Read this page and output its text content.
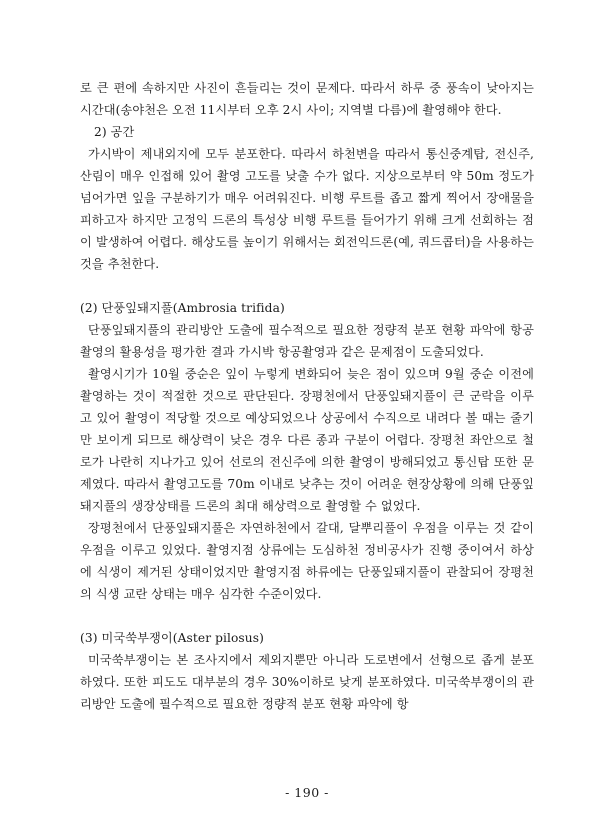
로 큰 편에 속하지만 사진이 흔들리는 것이 문제다. 따라서 하루 중 풍속이 낮아지는 시간대(송야천은 오전 11시부터 오후 2시 사이; 지역별 다름)에 촬영해야 한다.

2) 공간

가시박이 제내외지에 모두 분포한다. 따라서 하천변을 따라서 통신중계탑, 전신주, 산림이 매우 인접해 있어 촬영 고도를 낮출 수가 없다. 지상으로부터 약 50m 정도가 넘어가면 잎을 구분하기가 매우 어려워진다. 비행 루트를 좁고 짧게 찍어서 장애물을 피하고자 하지만 고정익 드론의 특성상 비행 루트를 들어가기 위해 크게 선회하는 점이 발생하여 어렵다. 해상도를 높이기 위해서는 회전익드론(예, 쿼드콥터)을 사용하는 것을 추천한다.

(2) 단풍잎돼지풀(Ambrosia trifida)

단풍잎돼지풀의 관리방안 도출에 필수적으로 필요한 정량적 분포 현황 파악에 항공촬영의 활용성을 평가한 결과 가시박 항공촬영과 같은 문제점이 도출되었다.

촬영시기가 10월 중순은 잎이 누렇게 변화되어 늦은 점이 있으며 9월 중순 이전에 촬영하는 것이 적절한 것으로 판단된다. 장평천에서 단풍잎돼지풀이 큰 군락을 이루고 있어 촬영이 적당할 것으로 예상되었으나 상공에서 수직으로 내려다 볼 때는 줄기만 보이게 되므로 해상력이 낮은 경우 다른 종과 구분이 어렵다. 장평천 좌안으로 철로가 나란히 지나가고 있어 선로의 전신주에 의한 촬영이 방해되었고 통신탑 또한 문제였다. 따라서 촬영고도를 70m 이내로 낮추는 것이 어려운 현장상황에 의해 단풍잎돼지풀의 생장상태를 드론의 최대 해상력으로 촬영할 수 없었다.

장평천에서 단풍잎돼지풀은 자연하천에서 갈대, 달뿌리풀이 우점을 이루는 것 같이 우점을 이루고 있었다. 촬영지점 상류에는 도심하천 정비공사가 진행 중이여서 하상에 식생이 제거된 상태이었지만 촬영지점 하류에는 단풍잎돼지풀이 관찰되어 장평천의 식생 교란 상태는 매우 심각한 수준이었다.

(3) 미국쑥부쟁이(Aster pilosus)

미국쑥부쟁이는 본 조사지에서 제외지뿐만 아니라 도로변에서 선형으로 좁게 분포하였다. 또한 피도도 대부분의 경우 30%이하로 낮게 분포하였다. 미국쑥부쟁이의 관리방안 도출에 필수적으로 필요한 정량적 분포 현황 파악에 항

- 190 -
